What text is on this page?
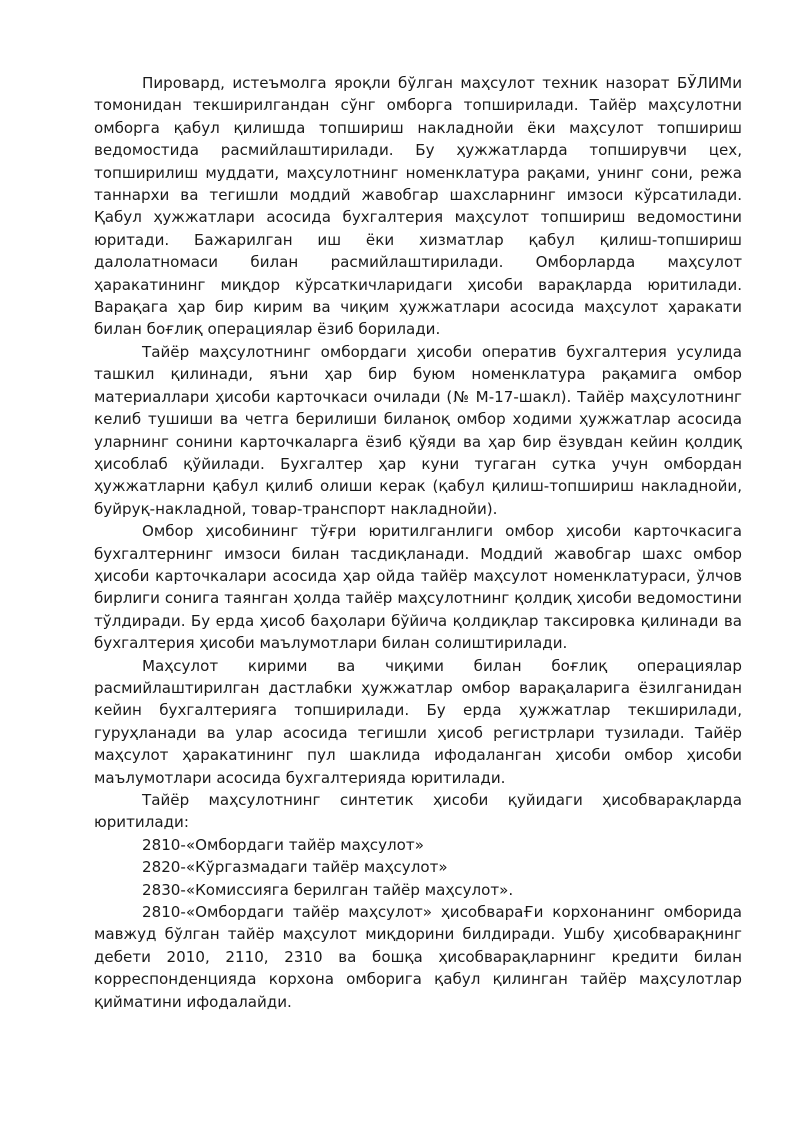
Пировард, истеъмолга яроқли бўлган маҳсулот техник назорат БЎЛИМи томонидан текширилгандан сўнг омборга топширилади. Тайёр маҳсулотни омборга қабул қилишда топшириш накладнойи ёки маҳсулот топшириш ведомостида расмийлаштирилади. Бу ҳужжатларда топширувчи цех, топширилиш муддати, маҳсулотнинг номенклатура рақами, унинг сони, режа таннархи ва тегишли моддий жавобгар шахсларнинг имзоси кўрсатилади. Қабул ҳужжатлари асосида бухгалтерия маҳсулот топшириш ведомостини юритади. Бажарилган иш ёки хизматлар қабул қилиш-топшириш далолатномаси билан расмийлаштирилади. Омборларда маҳсулот ҳаракатининг миқдор кўрсаткичларидаги ҳисоби варақларда юритилади. Варақага ҳар бир кирим ва чиқим ҳужжатлари асосида маҳсулот ҳаракати билан боғлиқ операциялар ёзиб борилади.

Тайёр маҳсулотнинг омбордаги ҳисоби оператив бухгалтерия усулида ташкил қилинади, яъни ҳар бир буюм номенклатура рақамига омбор материаллари ҳисоби карточкаси очилади (№ М-17-шакл). Тайёр маҳсулотнинг келиб тушиши ва четга берилиши биланоқ омбор ходими ҳужжатлар асосида уларнинг сонини карточкаларга ёзиб қўяди ва ҳар бир ёзувдан кейин қолдиқ ҳисоблаб қўйилади. Бухгалтер ҳар куни тугаган сутка учун омбордан ҳужжатларни қабул қилиб олиши керак (қабул қилиш-топшириш накладнойи, буйруқ-накладной, товар-транспорт накладнойи).

Омбор ҳисобининг тўғри юритилганлиги омбор ҳисоби карточкасига бухгалтернинг имзоси билан тасдиқланади. Моддий жавобгар шахс омбор ҳисоби карточкалари асосида ҳар ойда тайёр маҳсулот номенклатураси, ўлчов бирлиги сонига таянган ҳолда тайёр маҳсулотнинг қолдиқ ҳисоби ведомостини тўлдиради. Бу ерда ҳисоб баҳолари бўйича қолдиқлар таксировка қилинади ва бухгалтерия ҳисоби маълумотлари билан солиштирилади.

Маҳсулот кирими ва чиқими билан боғлиқ операциялар расмийлаштирилган дастлабки ҳужжатлар омбор варақаларига ёзилганидан кейин бухгалтерияга топширилади. Бу ерда ҳужжатлар текширилади, гуруҳланади ва улар асосида тегишли ҳисоб регистрлари тузилади. Тайёр маҳсулот ҳаракатининг пул шаклида ифодаланган ҳисоби омбор ҳисоби маълумотлари асосида бухгалтерияда юритилади.

Тайёр маҳсулотнинг синтетик ҳисоби қуйидаги ҳисобварақларда юритилади:

2810-«Омбордаги тайёр маҳсулот»

2820-«Кўргазмадаги тайёр маҳсулот»

2830-«Комиссияга берилган тайёр маҳсулот».

2810-«Омбордаги тайёр маҳсулот» ҳисобвараҒи корхонанинг омборида мавжуд бўлган тайёр маҳсулот миқдорини билдиради. Ушбу ҳисобварақнинг дебети 2010, 2110, 2310 ва бошқа ҳисобварақларнинг кредити билан корреспонденцияда корхона омборига қабул қилинган тайёр маҳсулотлар қийматини ифодалайди.
